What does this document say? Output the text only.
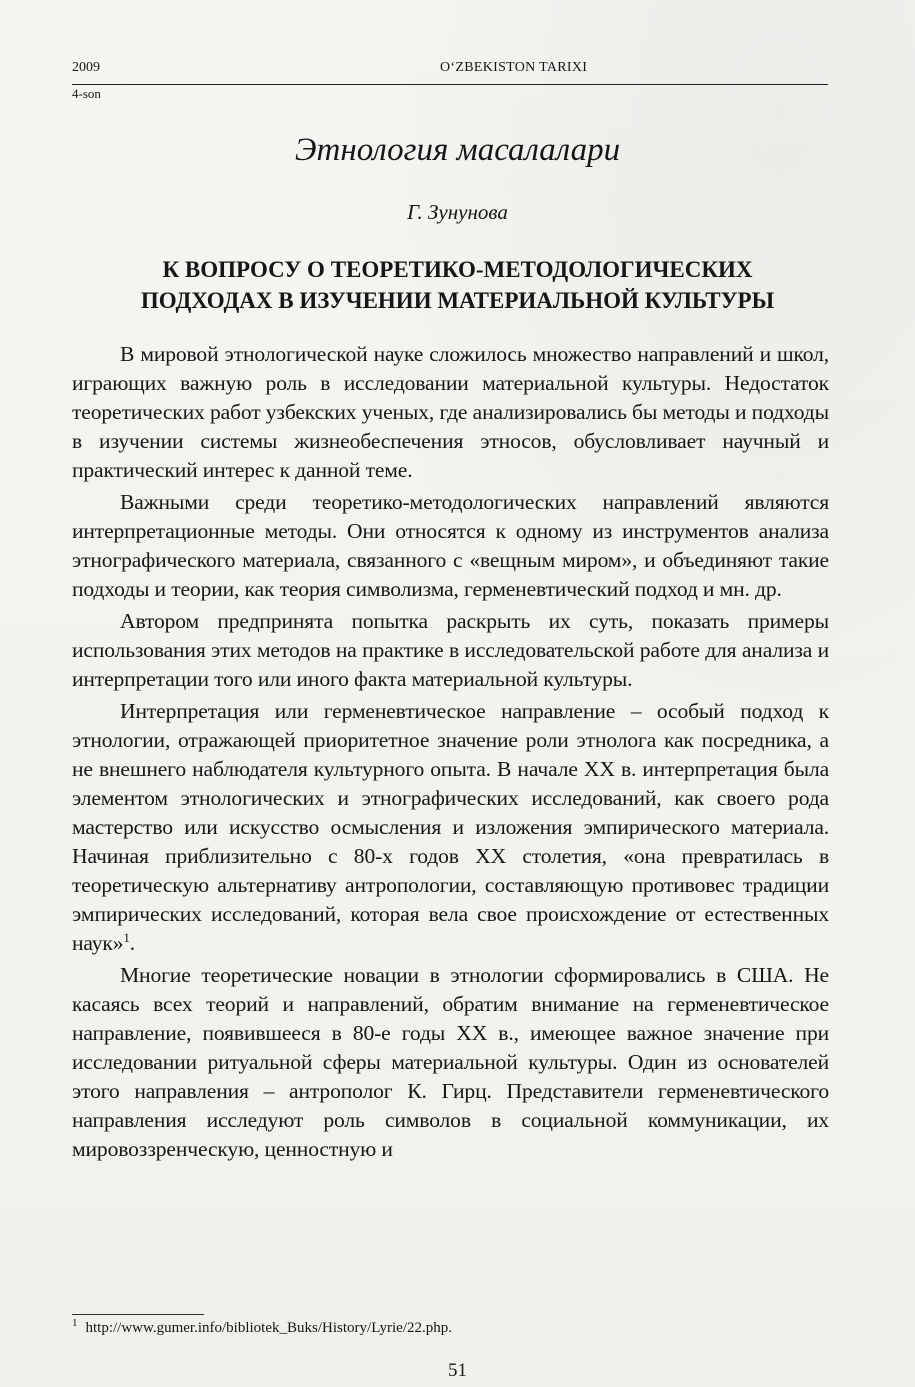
2009	O‘ZBEKISTON TARIXI
4-son
Этнология масалалари
Г. Зунунова
К ВОПРОСУ О ТЕОРЕТИКО-МЕТОДОЛОГИЧЕСКИХ
ПОДХОДАХ В ИЗУЧЕНИИ МАТЕРИАЛЬНОЙ КУЛЬТУРЫ

В мировой этнологической науке сложилось множество направлений и школ, играющих важную роль в исследовании материальной культуры. Недостаток теоретических работ узбекских ученых, где анализировались бы методы и подходы в изучении системы жизнеобеспечения этносов, обусловливает научный и практический интерес к данной теме.

Важными среди теоретико-методологических направлений являются интерпретационные методы. Они относятся к одному из инструментов анализа этнографического материала, связанного с «вещным миром», и объединяют такие подходы и теории, как теория символизма, герменевтический подход и мн. др.

Автором предпринята попытка раскрыть их суть, показать примеры использования этих методов на практике в исследовательской работе для анализа и интерпретации того или иного факта материальной культуры.

Интерпретация или герменевтическое направление – особый подход к этнологии, отражающей приоритетное значение роли этнолога как посредника, а не внешнего наблюдателя культурного опыта. В начале XX в. интерпретация была элементом этнологических и этнографических исследований, как своего рода мастерство или искусство осмысления и изложения эмпирического материала. Начиная приблизительно с 80-х годов XX столетия, «она превратилась в теоретическую альтернативу антропологии, составляющую противовес традиции эмпирических исследований, которая вела свое происхождение от естественных наук»$^1$.

Многие теоретические новации в этнологии сформировались в США. Не касаясь всех теорий и направлений, обратим внимание на герменевтическое направление, появившееся в 80-е годы XX в., имеющее важное значение при исследовании ритуальной сферы материальной культуры. Один из основателей этого направления – антрополог К. Гирц. Представители герменевтического направления исследуют роль символов в социальной коммуникации, их мировоззренческую, ценностную и

$^1$ http://www.gumer.info/bibliotek_Buks/History/Lyrie/22.php.
51
